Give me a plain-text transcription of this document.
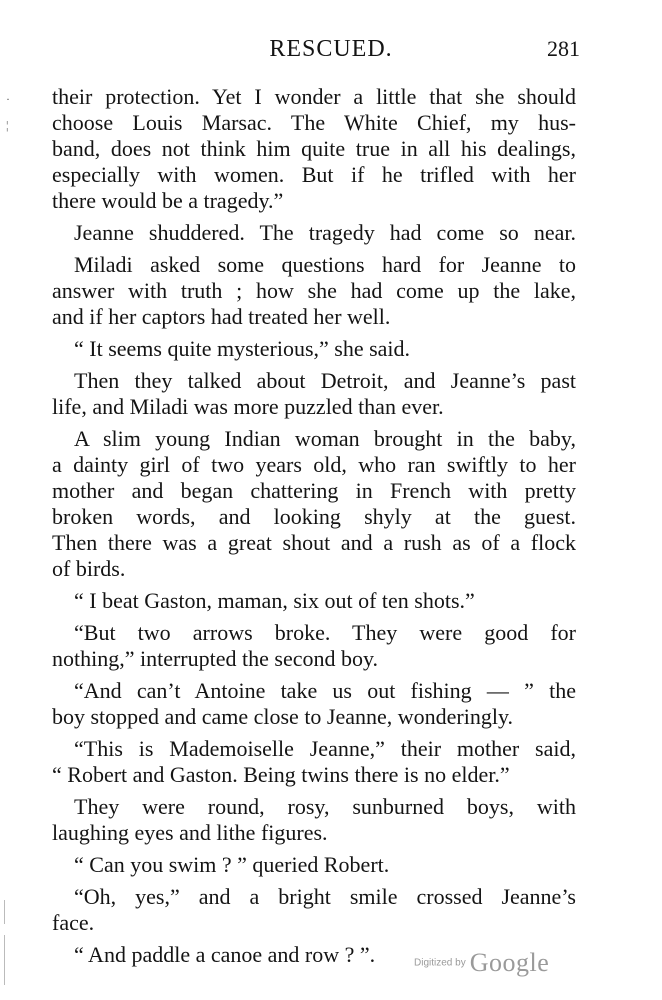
RESCUED.	281
·
¦
their protection. Yet I wonder a little that she should
choose Louis Marsac. The White Chief, my hus-
band, does not think him quite true in all his dealings,
especially with women. But if he trifled with her
there would be a tragedy.”
Jeanne shuddered. The tragedy had come so near.
Miladi asked some questions hard for Jeanne to
answer with truth ; how she had come up the lake,
and if her captors had treated her well.
“ It seems quite mysterious,” she said.
Then they talked about Detroit, and Jeanne’s past
life, and Miladi was more puzzled than ever.
A slim young Indian woman brought in the baby,
a dainty girl of two years old, who ran swiftly to her
mother and began chattering in French with pretty
broken words, and looking shyly at the guest.
Then there was a great shout and a rush as of a flock
of birds.
“ I beat Gaston, maman, six out of ten shots.”
“But two arrows broke. They were good for
nothing,” interrupted the second boy.
“And can’t Antoine take us out fishing — ” the
boy stopped and came close to Jeanne, wonderingly.
“This is Mademoiselle Jeanne,” their mother said,
“ Robert and Gaston. Being twins there is no elder.”
They were round, rosy, sunburned boys, with
laughing eyes and lithe figures.
“ Can you swim ? ” queried Robert.
“Oh, yes,” and a bright smile crossed Jeanne’s
face.
“ And paddle a canoe and row ? ”.	Digitized by Google
